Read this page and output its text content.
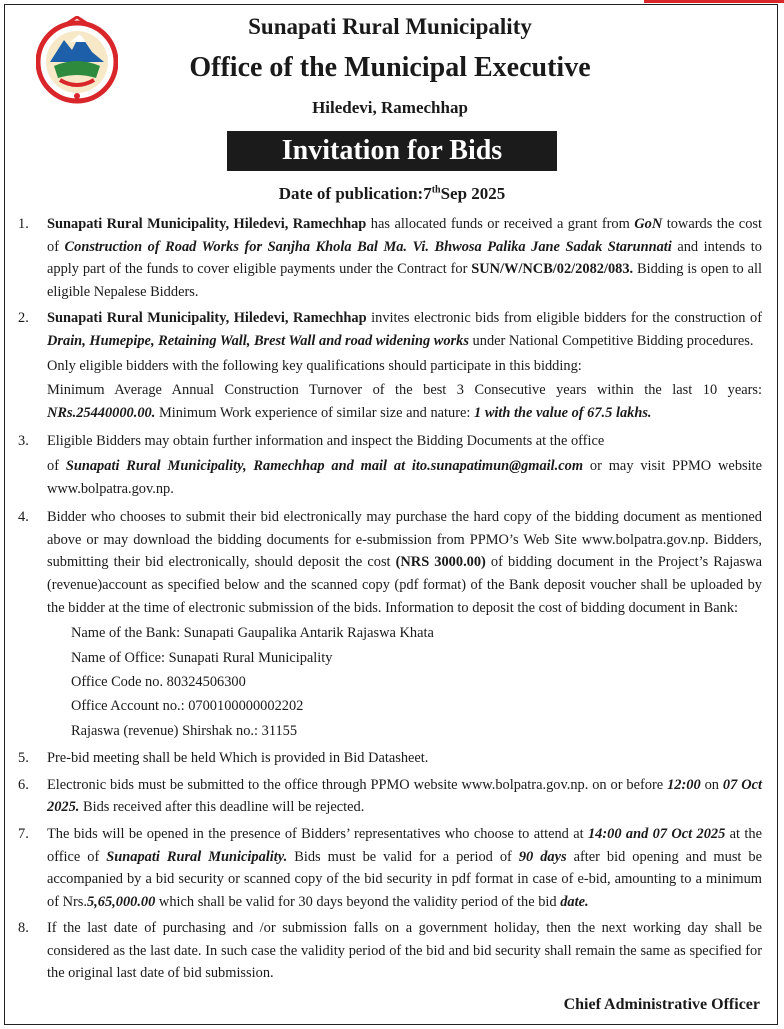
Sunapati Rural Municipality
Office of the Municipal Executive
Hiledevi, Ramechhap
Invitation for Bids
Date of publication:7thSep 2025
1.	Sunapati Rural Municipality, Hiledevi, Ramechhap has allocated funds or received a grant from GoN towards the cost of Construction of Road Works for Sanjha Khola Bal Ma. Vi. Bhwosa Palika Jane Sadak Starunnati and intends to apply part of the funds to cover eligible payments under the Contract for SUN/W/NCB/02/2082/083. Bidding is open to all eligible Nepalese Bidders.
2.	Sunapati Rural Municipality, Hiledevi, Ramechhap invites electronic bids from eligible bidders for the construction of Drain, Humepipe, Retaining Wall, Brest Wall and road widening works under National Competitive Bidding procedures.

Only eligible bidders with the following key qualifications should participate in this bidding:

Minimum Average Annual Construction Turnover of the best 3 Consecutive years within the last 10 years: NRs.25440000.00. Minimum Work experience of similar size and nature: 1 with the value of 67.5 lakhs.

3.	Eligible Bidders may obtain further information and inspect the Bidding Documents at the office

of Sunapati Rural Municipality, Ramechhap and mail at ito.sunapatimun@gmail.com or may visit PPMO website www.bolpatra.gov.np.

4.	Bidder who chooses to submit their bid electronically may purchase the hard copy of the bidding document as mentioned above or may download the bidding documents for e-submission from PPMO’s Web Site www.bolpatra.gov.np. Bidders, submitting their bid electronically, should deposit the cost (NRS 3000.00) of bidding document in the Project’s Rajaswa (revenue)account as specified below and the scanned copy (pdf format) of the Bank deposit voucher shall be uploaded by the bidder at the time of electronic submission of the bids. Information to deposit the cost of bidding document in Bank:

Name of the Bank: Sunapati Gaupalika Antarik Rajaswa Khata
Name of Office: Sunapati Rural Municipality
Office Code no. 80324506300
Office Account no.: 0700100000002202
Rajaswa (revenue) Shirshak no.: 31155
5.	Pre-bid meeting shall be held Which is provided in Bid Datasheet.
6.	Electronic bids must be submitted to the office through PPMO website www.bolpatra.gov.np. on or before 12:00 on 07 Oct 2025. Bids received after this deadline will be rejected.
7.	The bids will be opened in the presence of Bidders’ representatives who choose to attend at 14:00 and 07 Oct 2025 at the office of Sunapati Rural Municipality. Bids must be valid for a period of 90 days after bid opening and must be accompanied by a bid security or scanned copy of the bid security in pdf format in case of e-bid, amounting to a minimum of Nrs.5,65,000.00 which shall be valid for 30 days beyond the validity period of the bid date.
8.	If the last date of purchasing and /or submission falls on a government holiday, then the next working day shall be considered as the last date. In such case the validity period of the bid and bid security shall remain the same as specified for the original last date of bid submission.
Chief Administrative Officer
